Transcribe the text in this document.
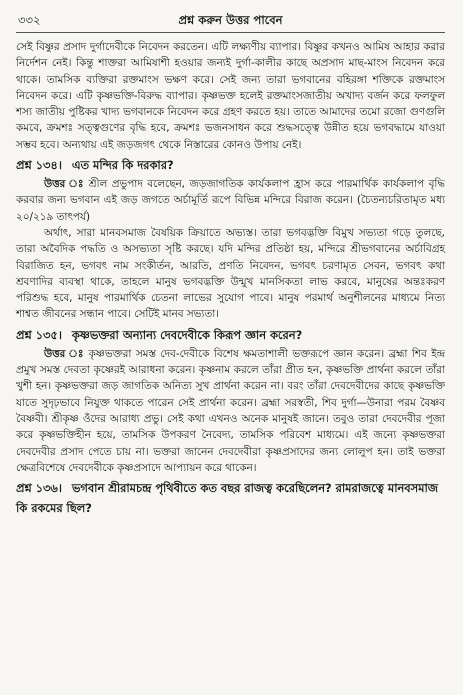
৩৩২	প্রশ্ন করুন উত্তর পাবেন

সেই বিষ্ণুর প্রসাদ দুর্গাদেবীকে নিবেদন করতেন। এটি লক্ষ্যণীয় ব্যাপার। বিষ্ণুর কখনও আমিষ আহার করার নির্দেশন নেই। কিন্তু শাক্তরা আমিষাশী হওয়ার জন্যই দুর্গা-কালীর কাছে অপ্রসাদ মাছ-মাংস নিবেদন করে থাকে। তামসিক ব্যক্তিরা রক্তমাংস ভক্ষণ করে। সেই জন্য তারা ভগবানের বহিরঙ্গা শক্তিকে রক্তমাংস নিবেদন করে। এটি কৃষ্ণভক্তি-বিরুদ্ধ ব্যাপার। কৃষ্ণভক্ত হলেই রক্তমাংসজাতীয় অখাদ্য বর্জন করে ফলফুল শস্য জাতীয় পুষ্টিকর খাদ্য ভগবানকে নিবেদন করে গ্রহণ করতে হয়। তাতে আমাদের তমো রজো গুণগুলি কমবে, ক্রমশঃ সত্ত্বগুণের বৃদ্ধি হবে, ক্রমশঃ ভজনসাধন করে শুদ্ধসত্ত্বে উন্নীত হয়ে ভগবদ্ধামে যাওয়া সম্ভব হবে। অন্যথায় এই জড়জগৎ থেকে নিস্তারের কোনও উপায় নেই।

প্রশ্ন ১৩৪। এত মন্দির কি দরকার?

উত্তর ঃ শ্রীল প্রভুপাদ বলেছেন, জড়জাগতিক কার্যকলাপ হ্রাস করে পারমার্থিক কার্যকলাপ বৃদ্ধি করবার জন্য ভগবান এই জড় জগতে অর্চামূর্তি রূপে বিভিন্ন মন্দিরে বিরাজ করেন। (চৈতন্যচরিতামৃত মধ্য ২০/২১৯ তাৎপর্য)

অর্থাৎ, সারা মানবসমাজ বৈষয়িক ক্রিয়াতে অভ্যস্ত। তারা ভগবদ্ভক্তি বিমুখ সভ্যতা গড়ে তুলছে, তারা অবৈদিক পদ্ধতি ও অসভ্যতা সৃষ্টি করছে। যদি মন্দির প্রতিষ্ঠা হয়, মন্দিরে শ্রীভগবানের অর্চাবিগ্রহ বিরাজিত হন, ভগবৎ নাম সংকীর্তন, আরতি, প্রণতি নিবেদন, ভগবৎ চরণামৃত সেবন, ভগবৎ কথা শ্রবণাদির ব্যবস্থা থাকে, তাহলে মানুষ ভগবদ্ভক্তি উন্মুখ মানসিকতা লাভ করবে, মানুষের অন্তঃকরণ পরিশুদ্ধ হবে, মানুষ পারমার্থিক চেতনা লাভের সুযোগ পাবে। মানুষ পরমার্থ অনুশীলনের মাধ্যমে নিত্য শাশ্বত জীবনের সন্ধান পাবে। সেটিই মানব সভ্যতা।

প্রশ্ন ১৩৫। কৃষ্ণভক্তরা অন্যান্য দেবদেবীকে কিরূপ জ্ঞান করেন?

উত্তর ঃ কৃষ্ণভক্তরা সমস্ত দেব-দেবীকে বিশেষ ক্ষমতাশালী ভক্তরূপে জ্ঞান করেন। ব্রহ্মা শিব ইন্দ্র প্রমুখ সমস্ত দেবতা কৃষ্ণেরই আরাধনা করেন। কৃষ্ণনাম করলে তাঁরা প্রীত হন, কৃষ্ণভক্তি প্রার্থনা করলে তাঁরা খুশী হন। কৃষ্ণভক্তরা জড় জাগতিক অনিত্য সুখ প্রার্থনা করেন না। বরং তাঁরা দেবদেবীদের কাছে কৃষ্ণভক্তি যাতে সুদৃঢ়ভাবে নিযুক্ত থাকতে পারেন সেই প্রার্থনা করেন। ব্রহ্মা সরস্বতী, শিব দুর্গা—উনারা পরম বৈষ্ণব বৈষ্ণবী। শ্রীকৃষ্ণ ওঁদের আরাধ্য প্রভু। সেই কথা এখনও অনেক মানুষই জানে। তবুও তারা দেবদেবীর পূজা করে কৃষ্ণভক্তিহীন হয়ে, তামসিক উপকরণ নৈবেদ্য, তামসিক পরিবেশ মাধ্যমে। এই জন্যে কৃষ্ণভক্তরা দেবদেবীর প্রসাদ পেতে চায় না। ভক্তরা জানেন দেবদেবীরা কৃষ্ণপ্রসাদের জন্য লোলুপ হন। তাই ভক্তরা ক্ষেত্রবিশেষে দেবদেবীকে কৃষ্ণপ্রসাদে আপ্যায়ন করে থাকেন।

প্রশ্ন ১৩৬। ভগবান শ্রীরামচন্দ্র পৃথিবীতে কত বছর রাজত্ব করেছিলেন? রামরাজত্বে মানবসমাজ কি রকমের ছিল?
